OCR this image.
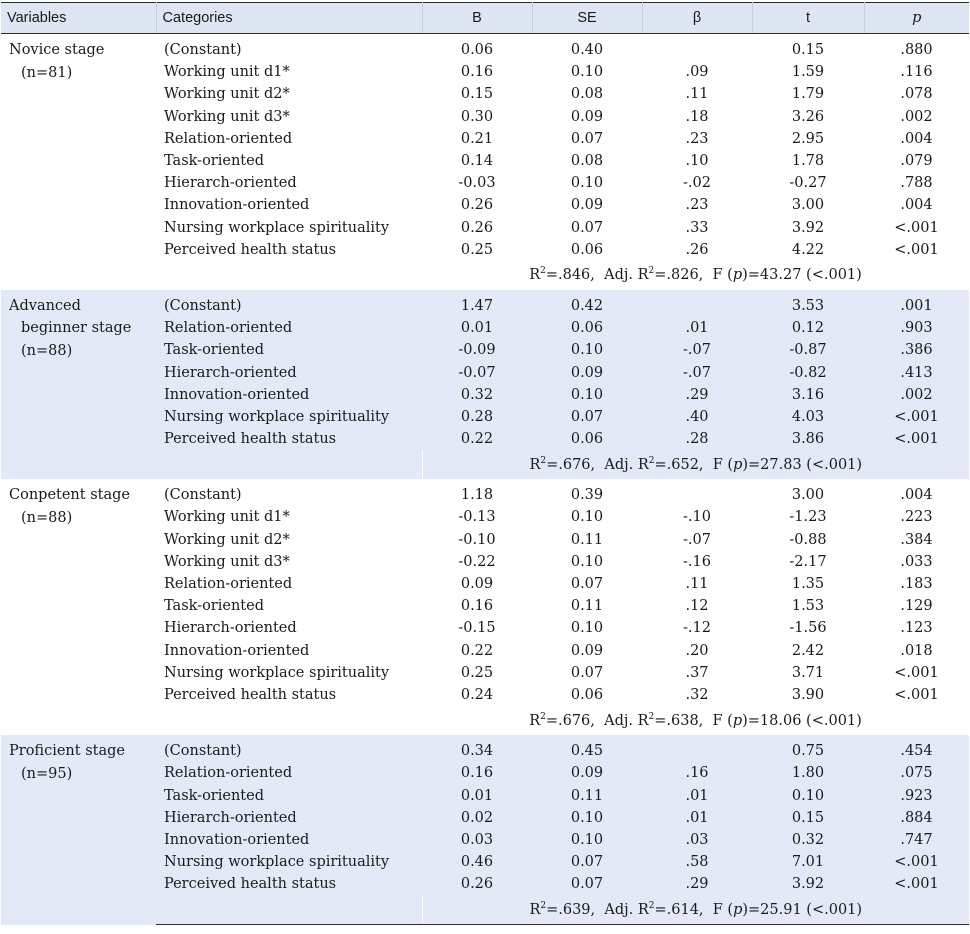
Variables	Categories	B	SE	β	t	p

Novice stage
(n=81)	(Constant)	0.06	0.40		0.15	.880
	Working unit d1*	0.16	0.10	.09	1.59	.116
	Working unit d2*	0.15	0.08	.11	1.79	.078
	Working unit d3*	0.30	0.09	.18	3.26	.002
	Relation-oriented	0.21	0.07	.23	2.95	.004
	Task-oriented	0.14	0.08	.10	1.78	.079
	Hierarch-oriented	-0.03	0.10	-.02	-0.27	.788
	Innovation-oriented	0.26	0.09	.23	3.00	.004
	Nursing workplace spirituality	0.26	0.07	.33	3.92	<.001
	Perceived health status	0.25	0.06	.26	4.22	<.001
		$R^2=.846$, Adj. $R^2=.826$, F (p)=43.27 (<.001)				

Advanced
beginner stage
(n=88)	(Constant)	1.47	0.42		3.53	.001
	Relation-oriented	0.01	0.06	.01	0.12	.903
	Task-oriented	-0.09	0.10	-.07	-0.87	.386
	Hierarch-oriented	-0.07	0.09	-.07	-0.82	.413
	Innovation-oriented	0.32	0.10	.29	3.16	.002
	Nursing workplace spirituality	0.28	0.07	.40	4.03	<.001
	Perceived health status	0.22	0.06	.28	3.86	<.001
		$R^2=.676$, Adj. $R^2=.652$, F (p)=27.83 (<.001)				

Conpetent stage
(n=88)	(Constant)	1.18	0.39		3.00	.004
	Working unit d1*	-0.13	0.10	-.10	-1.23	.223
	Working unit d2*	-0.10	0.11	-.07	-0.88	.384
	Working unit d3*	-0.22	0.10	-.16	-2.17	.033
	Relation-oriented	0.09	0.07	.11	1.35	.183
	Task-oriented	0.16	0.11	.12	1.53	.129
	Hierarch-oriented	-0.15	0.10	-.12	-1.56	.123
	Innovation-oriented	0.22	0.09	.20	2.42	.018
	Nursing workplace spirituality	0.25	0.07	.37	3.71	<.001
	Perceived health status	0.24	0.06	.32	3.90	<.001
		$R^2=.676$, Adj. $R^2=.638$, F (p)=18.06 (<.001)				

Proficient stage
(n=95)	(Constant)	0.34	0.45		0.75	.454
	Relation-oriented	0.16	0.09	.16	1.80	.075
	Task-oriented	0.01	0.11	.01	0.10	.923
	Hierarch-oriented	0.02	0.10	.01	0.15	.884
	Innovation-oriented	0.03	0.10	.03	0.32	.747
	Nursing workplace spirituality	0.46	0.07	.58	7.01	<.001
	Perceived health status	0.26	0.07	.29	3.92	<.001
		$R^2=.639$, Adj. $R^2=.614$, F (p)=25.91 (<.001)				
